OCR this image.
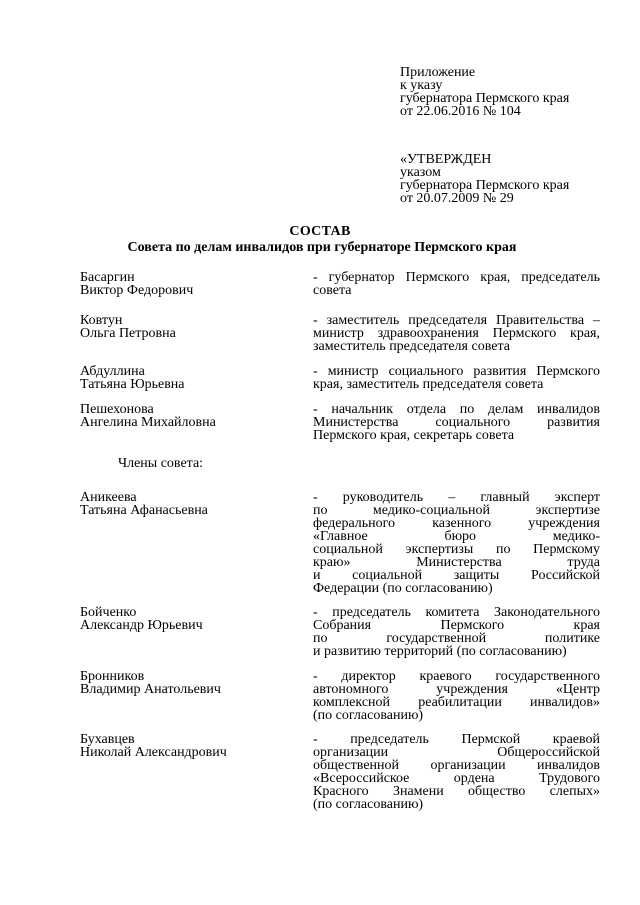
Приложение
к указу
губернатора Пермского края
от 22.06.2016 № 104
«УТВЕРЖДЕН
указом
губернатора Пермского края
от 20.07.2009 № 29
СОСТАВ
Совета по делам инвалидов при губернаторе Пермского края
Басаргин
Виктор Федорович
- губернатор Пермского края, председатель
совета
Ковтун
Ольга Петровна
- заместитель председателя Правительства –
министр здравоохранения Пермского края,
заместитель председателя совета
Абдуллина
Татьяна Юрьевна
- министр социального развития Пермского
края, заместитель председателя совета
Пешехонова
Ангелина Михайловна
- начальник отдела по делам инвалидов
Министерства социального развития
Пермского края, секретарь совета
Члены совета:
Аникеева
Татьяна Афанасьевна
- руководитель – главный эксперт
по медико-социальной экспертизе
федерального казенного учреждения
«Главное бюро медико-
социальной экспертизы по Пермскому
краю» Министерства труда
и социальной защиты Российской
Федерации (по согласованию)
Бойченко
Александр Юрьевич
- председатель комитета Законодательного
Собрания Пермского края
по государственной политике
и развитию территорий (по согласованию)
Бронников
Владимир Анатольевич
- директор краевого государственного
автономного учреждения «Центр
комплексной реабилитации инвалидов»
(по согласованию)
Бухавцев
Николай Александрович
- председатель Пермской краевой
организации Общероссийской
общественной организации инвалидов
«Всероссийское ордена Трудового
Красного Знамени общество слепых»
(по согласованию)
